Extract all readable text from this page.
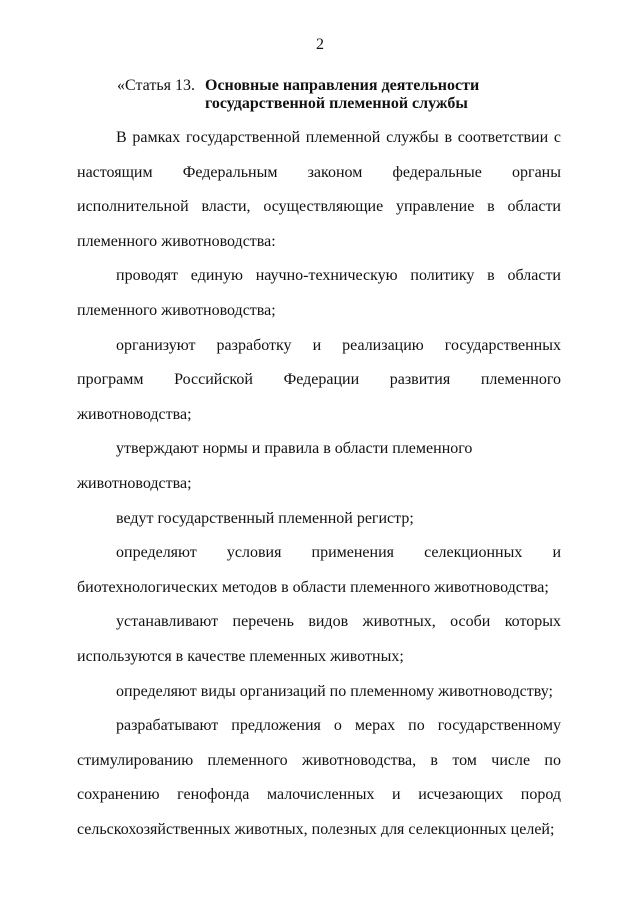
2
«Статья 13. Основные направления деятельности
государственной племенной службы

В рамках государственной племенной службы в соответствии с настоящим Федеральным законом федеральные органы исполнительной власти, осуществляющие управление в области племенного животноводства:

проводят единую научно-техническую политику в области племенного животноводства;

организуют разработку и реализацию государственных программ Российской Федерации развития племенного животноводства;

утверждают нормы и правила в области племенного животноводства;

ведут государственный племенной регистр;

определяют условия применения селекционных и биотехнологических методов в области племенного животноводства;

устанавливают перечень видов животных, особи которых используются в качестве племенных животных;

определяют виды организаций по племенному животноводству;

разрабатывают предложения о мерах по государственному стимулированию племенного животноводства, в том числе по сохранению генофонда малочисленных и исчезающих пород сельскохозяйственных животных, полезных для селекционных целей;
